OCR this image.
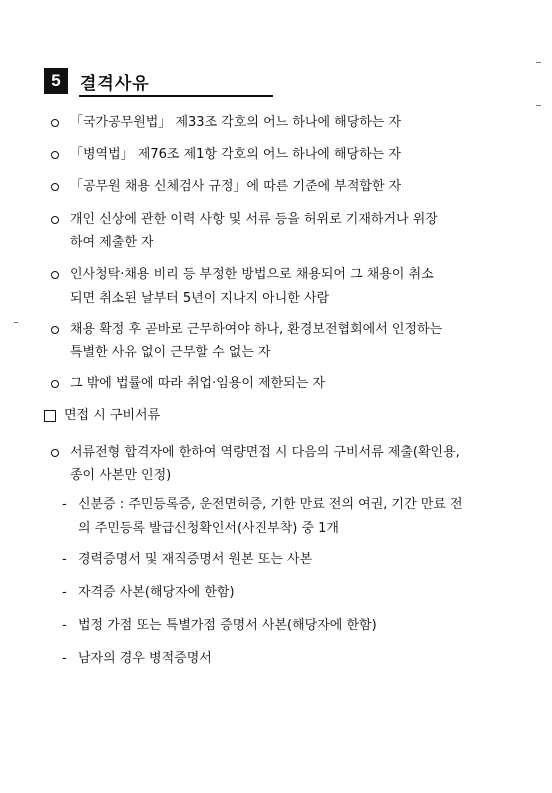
5	결격사유
「국가공무원법」 제33조 각호의 어느 하나에 해당하는 자
「병역법」 제76조 제1항 각호의 어느 하나에 해당하는 자
「공무원 채용 신체검사 규정」에 따른 기준에 부적합한 자
개인 신상에 관한 이력 사항 및 서류 등을 허위로 기재하거나 위장
하여 제출한 자
인사청탁·채용 비리 등 부정한 방법으로 채용되어 그 채용이 취소
되면 취소된 날부터 5년이 지나지 아니한 사람
채용 확정 후 곧바로 근무하여야 하나, 환경보전협회에서 인정하는
특별한 사유 없이 근무할 수 없는 자
그 밖에 법률에 따라 취업·임용이 제한되는 자
면접 시 구비서류
서류전형 합격자에 한하여 역량면접 시 다음의 구비서류 제출(확인용,
종이 사본만 인정)
- 신분증 : 주민등록증, 운전면허증, 기한 만료 전의 여권, 기간 만료 전
의 주민등록 발급신청확인서(사진부착) 중 1개
- 경력증명서 및 재직증명서 원본 또는 사본
- 자격증 사본(해당자에 한함)
- 법정 가점 또는 특별가점 증명서 사본(해당자에 한함)
- 남자의 경우 병적증명서
